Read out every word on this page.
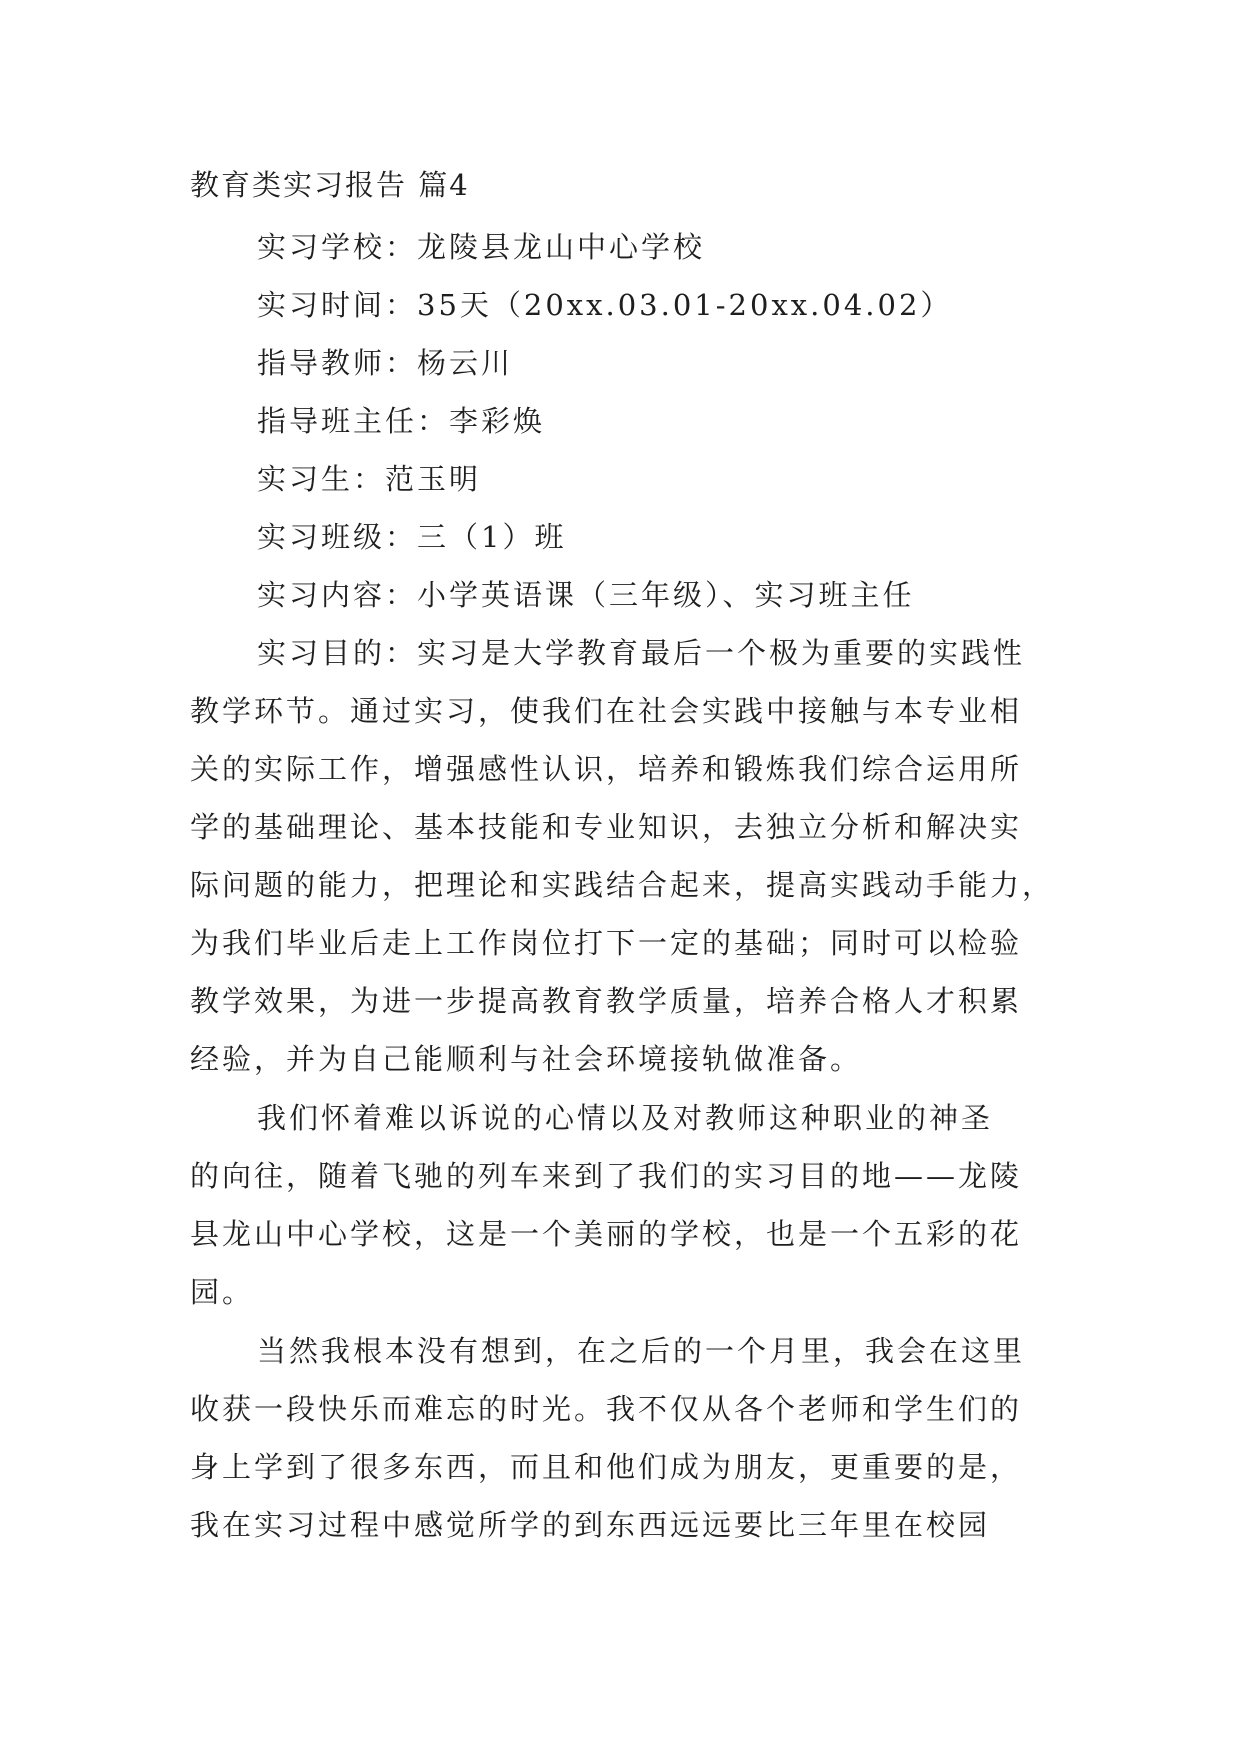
教育类实习报告 篇4
实习学校：龙陵县龙山中心学校
实习时间：35天（20xx.03.01-20xx.04.02）
指导教师：杨云川
指导班主任：李彩焕
实习生：范玉明
实习班级：三（1）班
实习内容：小学英语课（三年级）、实习班主任
实习目的：实习是大学教育最后一个极为重要的实践性
教学环节。通过实习，使我们在社会实践中接触与本专业相
关的实际工作，增强感性认识，培养和锻炼我们综合运用所
学的基础理论、基本技能和专业知识，去独立分析和解决实
际问题的能力，把理论和实践结合起来，提高实践动手能力，
为我们毕业后走上工作岗位打下一定的基础；同时可以检验
教学效果，为进一步提高教育教学质量，培养合格人才积累
经验，并为自己能顺利与社会环境接轨做准备。
我们怀着难以诉说的心情以及对教师这种职业的神圣
的向往，随着飞驰的列车来到了我们的实习目的地——龙陵
县龙山中心学校，这是一个美丽的学校，也是一个五彩的花
园。
当然我根本没有想到，在之后的一个月里，我会在这里
收获一段快乐而难忘的时光。我不仅从各个老师和学生们的
身上学到了很多东西，而且和他们成为朋友，更重要的是，
我在实习过程中感觉所学的到东西远远要比三年里在校园
